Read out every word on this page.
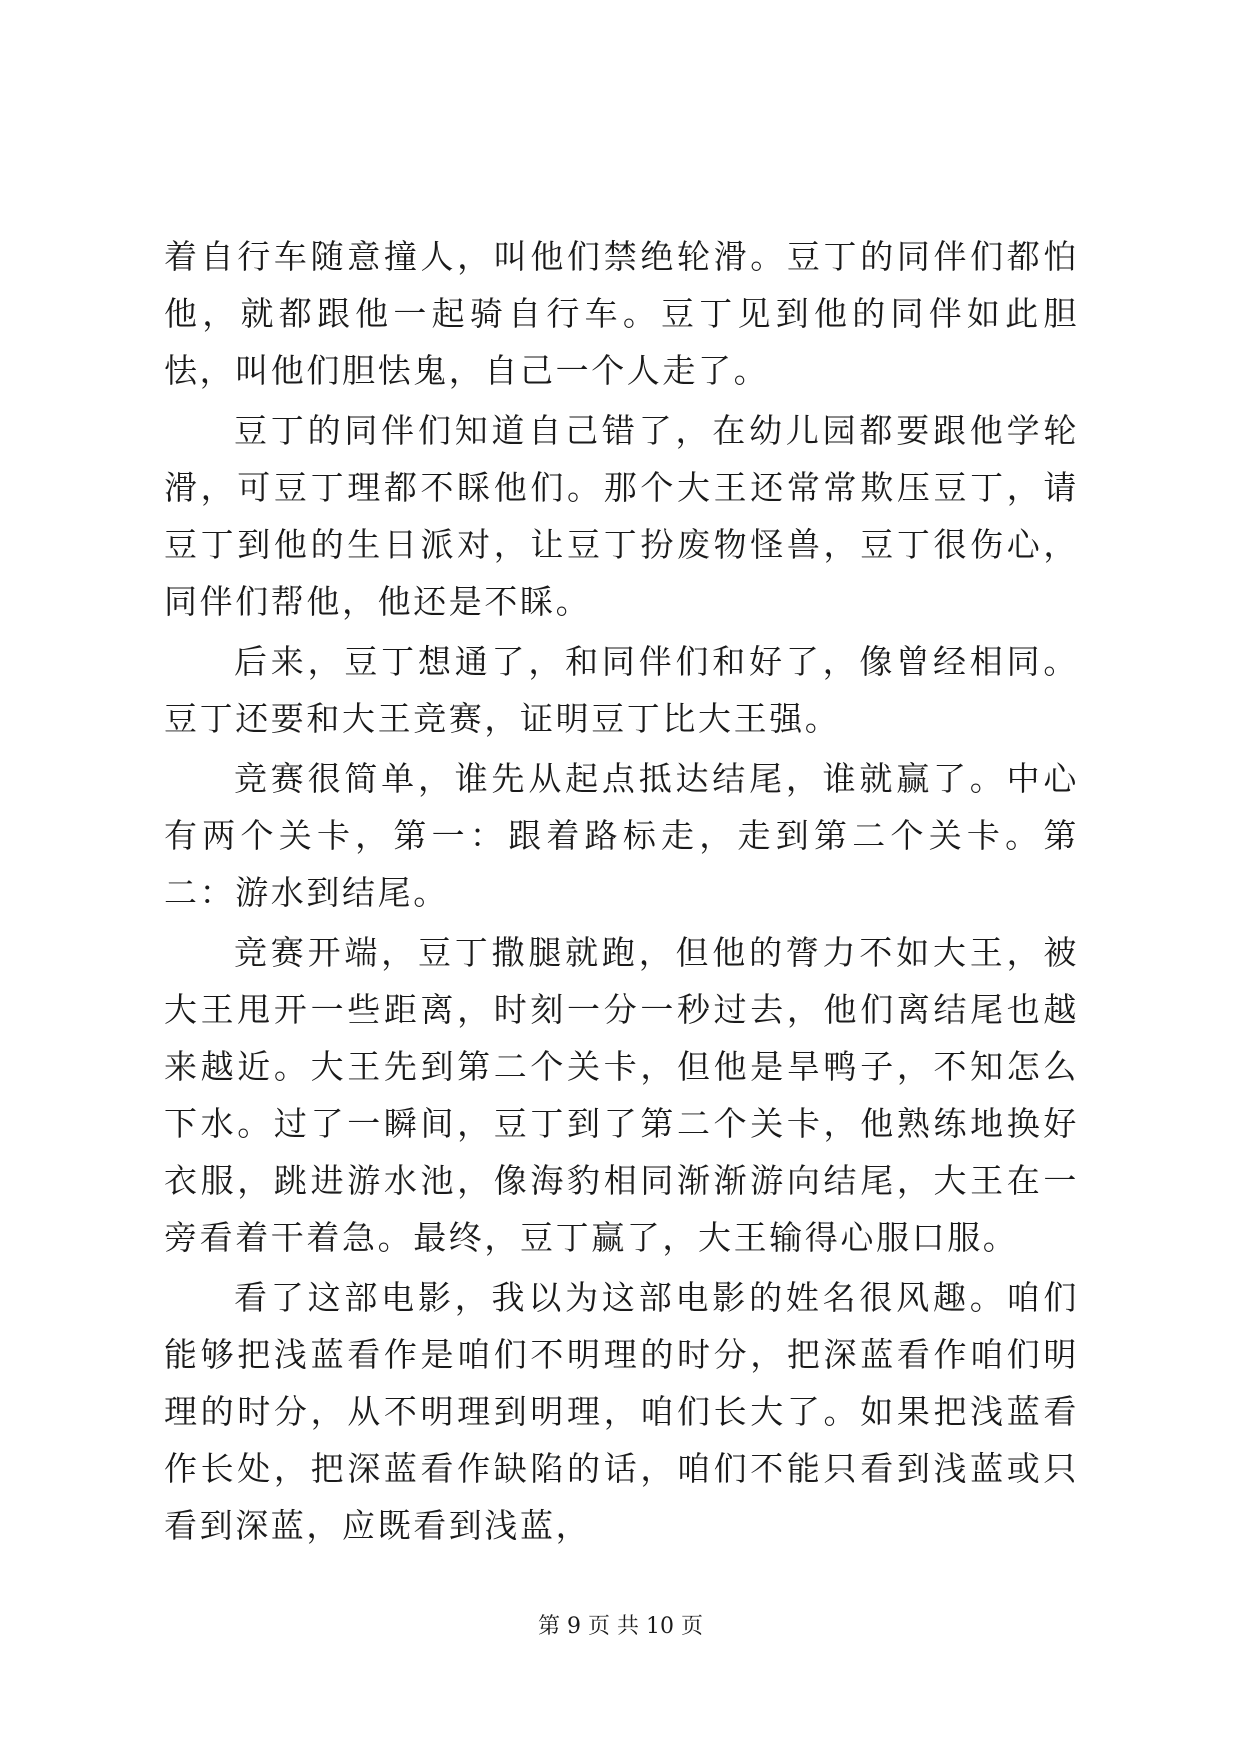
着自行车随意撞人，叫他们禁绝轮滑。豆丁的同伴们都怕他，就都跟他一起骑自行车。豆丁见到他的同伴如此胆怯，叫他们胆怯鬼，自己一个人走了。

豆丁的同伴们知道自己错了，在幼儿园都要跟他学轮滑，可豆丁理都不睬他们。那个大王还常常欺压豆丁，请豆丁到他的生日派对，让豆丁扮废物怪兽，豆丁很伤心，同伴们帮他，他还是不睬。

后来，豆丁想通了，和同伴们和好了，像曾经相同。豆丁还要和大王竞赛，证明豆丁比大王强。

竞赛很简单，谁先从起点抵达结尾，谁就赢了。中心有两个关卡，第一：跟着路标走，走到第二个关卡。第二：游水到结尾。

竞赛开端，豆丁撒腿就跑，但他的膂力不如大王，被大王甩开一些距离，时刻一分一秒过去，他们离结尾也越来越近。大王先到第二个关卡，但他是旱鸭子，不知怎么下水。过了一瞬间，豆丁到了第二个关卡，他熟练地换好衣服，跳进游水池，像海豹相同渐渐游向结尾，大王在一旁看着干着急。最终，豆丁赢了，大王输得心服口服。

看了这部电影，我以为这部电影的姓名很风趣。咱们能够把浅蓝看作是咱们不明理的时分，把深蓝看作咱们明理的时分，从不明理到明理，咱们长大了。如果把浅蓝看作长处，把深蓝看作缺陷的话，咱们不能只看到浅蓝或只看到深蓝，应既看到浅蓝，

第 9 页 共 10 页
